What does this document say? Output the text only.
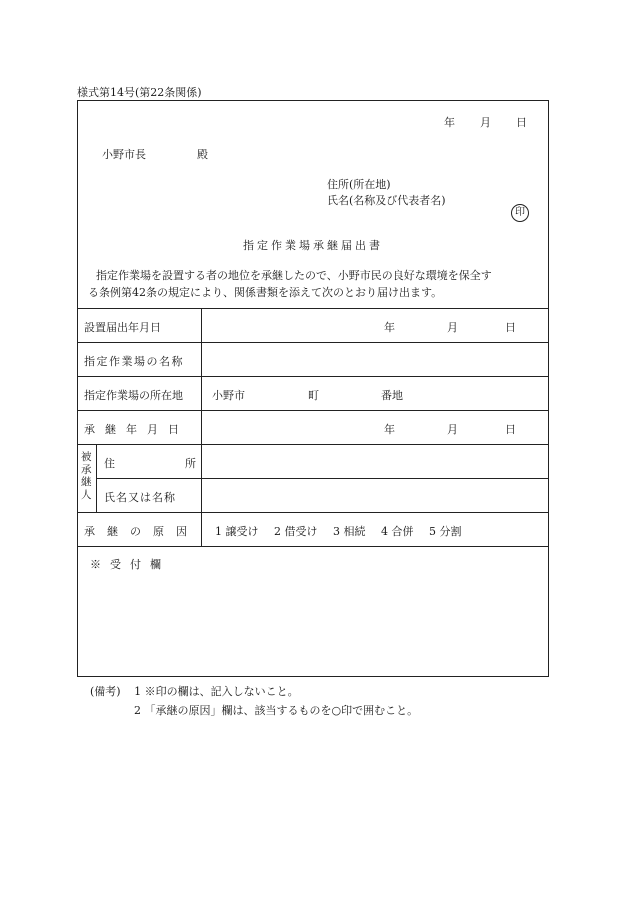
様式第14号(第22条関係)
年 月 日
小野市長	殿
住所(所在地)
氏名(名称及び代表者名)
印
指定作業場承継届出書
指定作業場を設置する者の地位を承継したので、小野市民の良好な環境を保全す
る条例第42条の規定により、関係書類を添えて次のとおり届け出ます。
設置届出年月日	年	月	日
指定作業場の名称
指定作業場の所在地	小野市	町	番地
承継年月日	年	月	日
被承継人
住	所
氏名又は名称
承継の原因 1 譲受け 2 借受け 3 相続 4 合併 5 分割
※受付欄
(備考) 1 ※印の欄は、記入しないこと。
2 「承継の原因」欄は、該当するものを○印で囲むこと。
